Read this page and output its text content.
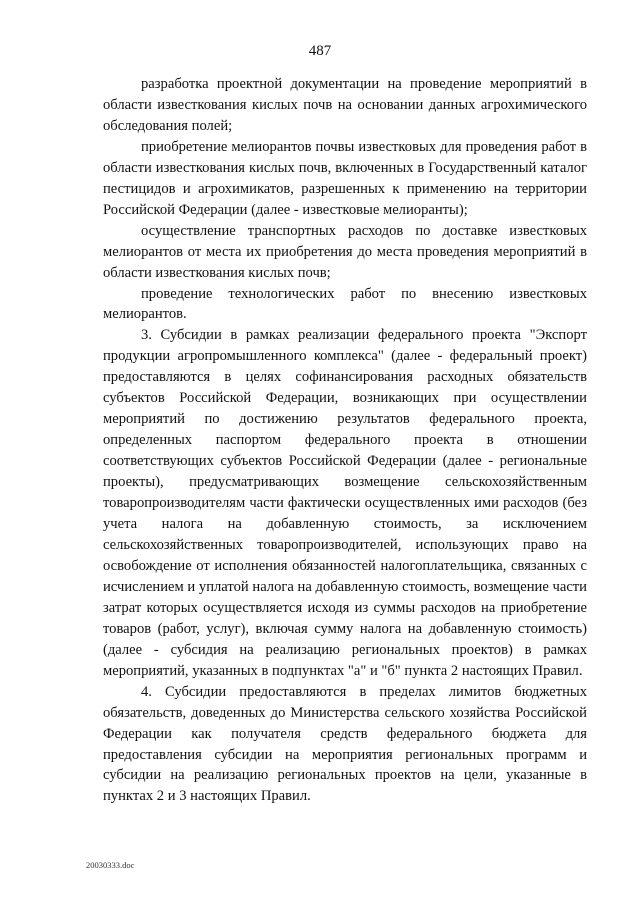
487

разработка проектной документации на проведение мероприятий в области известкования кислых почв на основании данных агрохимического обследования полей;

приобретение мелиорантов почвы известковых для проведения работ в области известкования кислых почв, включенных в Государственный каталог пестицидов и агрохимикатов, разрешенных к применению на территории Российской Федерации (далее - известковые мелиоранты);

осуществление транспортных расходов по доставке известковых мелиорантов от места их приобретения до места проведения мероприятий в области известкования кислых почв;

проведение технологических работ по внесению известковых мелиорантов.

3. Субсидии в рамках реализации федерального проекта "Экспорт продукции агропромышленного комплекса" (далее - федеральный проект) предоставляются в целях софинансирования расходных обязательств субъектов Российской Федерации, возникающих при осуществлении мероприятий по достижению результатов федерального проекта, определенных паспортом федерального проекта в отношении соответствующих субъектов Российской Федерации (далее - региональные проекты), предусматривающих возмещение сельскохозяйственным товаропроизводителям части фактически осуществленных ими расходов (без учета налога на добавленную стоимость, за исключением сельскохозяйственных товаропроизводителей, использующих право на освобождение от исполнения обязанностей налогоплательщика, связанных с исчислением и уплатой налога на добавленную стоимость, возмещение части затрат которых осуществляется исходя из суммы расходов на приобретение товаров (работ, услуг), включая сумму налога на добавленную стоимость) (далее - субсидия на реализацию региональных проектов) в рамках мероприятий, указанных в подпунктах "а" и "б" пункта 2 настоящих Правил.

4. Субсидии предоставляются в пределах лимитов бюджетных обязательств, доведенных до Министерства сельского хозяйства Российской Федерации как получателя средств федерального бюджета для предоставления субсидии на мероприятия региональных программ и субсидии на реализацию региональных проектов на цели, указанные в пунктах 2 и 3 настоящих Правил.

20030333.doc
